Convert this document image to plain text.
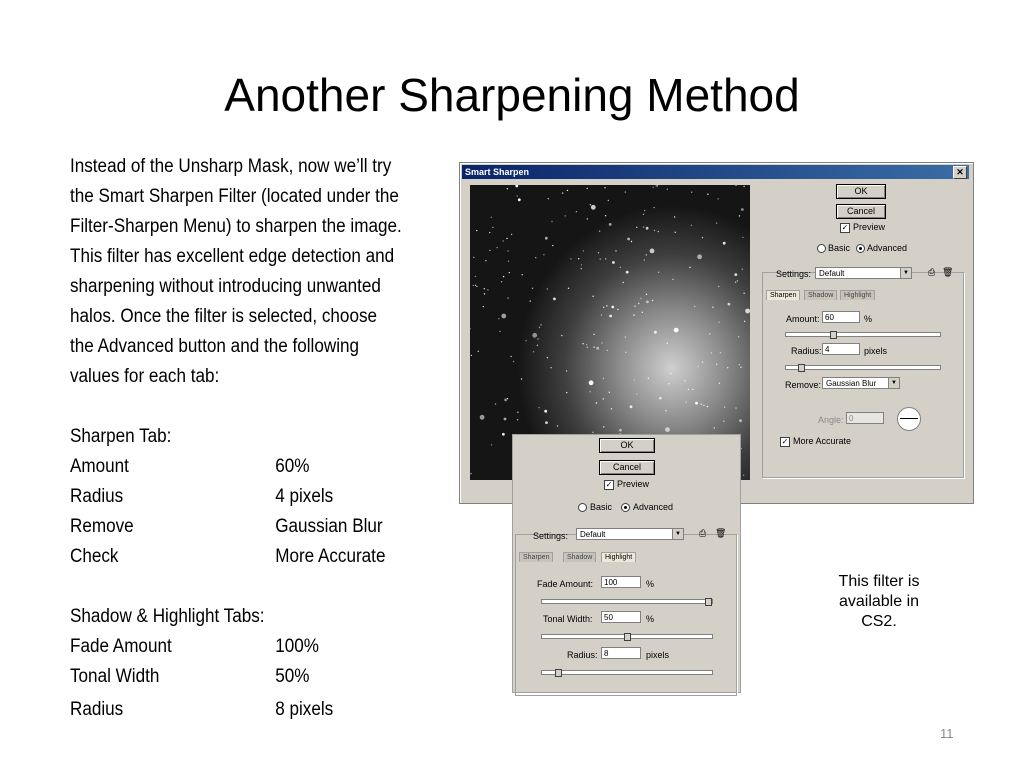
Another Sharpening Method
Instead of the Unsharp Mask, now we’ll try
the Smart Sharpen Filter (located under the
Filter-Sharpen Menu) to sharpen the image.
This filter has excellent edge detection and
sharpening without introducing unwanted
halos. Once the filter is selected, choose
the Advanced button and the following
values for each tab:
Sharpen Tab:
Amount	60%
Radius	4 pixels
Remove	Gaussian Blur
Check	More Accurate
Shadow & Highlight Tabs:
Fade Amount	100%
Tonal Width	50%
Radius	8 pixels
Smart Sharpen	✕
OK
Cancel
✓ Preview
Basic Advanced
Settings: Default	▼ ⎙ 🗑
Sharpen	Shadow	Highlight
Amount: 60	%
Radius: 4	pixels
Remove: Gaussian Blur	▼
Angle: 0
✓ More Accurate
OK
Cancel
✓ Preview
Basic Advanced
Settings:	Default	▼ ⎙ 🗑
Sharpen	Shadow	Highlight
Fade Amount:	100	%
Tonal Width:	50	%
Radius: 8	pixels
This filter is
available in
CS2.
11
